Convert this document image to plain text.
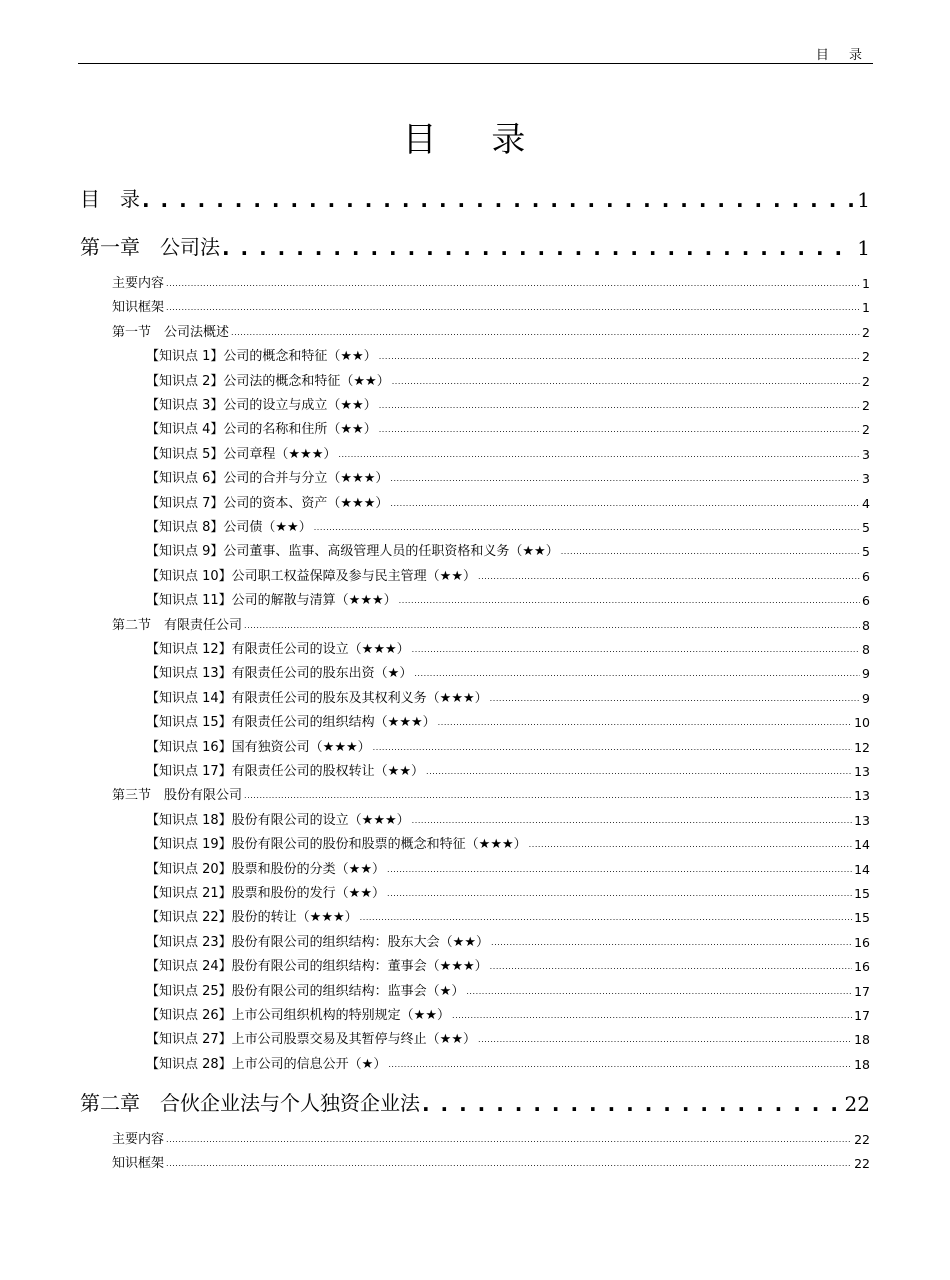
目 录
目 录
目　录 . . .	1
第一章　公司法 . . .	1
主要内容 . . .	1
知识框架 . . .	1
第一节　公司法概述 . . .	2
【知识点 1】公司的概念和特征（★★） . . .	2
【知识点 2】公司法的概念和特征（★★） . . .	2
【知识点 3】公司的设立与成立（★★） . . .	2
【知识点 4】公司的名称和住所（★★） . . .	2
【知识点 5】公司章程（★★★） . . .	3
【知识点 6】公司的合并与分立（★★★） . . .	3
【知识点 7】公司的资本、资产（★★★） . . .	4
【知识点 8】公司债（★★） . . .	5
【知识点 9】公司董事、监事、高级管理人员的任职资格和义务（★★） . . .	5
【知识点 10】公司职工权益保障及参与民主管理（★★） . . .	6
【知识点 11】公司的解散与清算（★★★） . . .	6
第二节　有限责任公司 . . .	8
【知识点 12】有限责任公司的设立（★★★） . . .	8
【知识点 13】有限责任公司的股东出资（★） . . .	9
【知识点 14】有限责任公司的股东及其权利义务（★★★） . . .	9
【知识点 15】有限责任公司的组织结构（★★★） . . .	10
【知识点 16】国有独资公司（★★★） . . .	12
【知识点 17】有限责任公司的股权转让（★★） . . .	13
第三节　股份有限公司 . . .	13
【知识点 18】股份有限公司的设立（★★★） . . .	13
【知识点 19】股份有限公司的股份和股票的概念和特征（★★★） . . .	14
【知识点 20】股票和股份的分类（★★） . . .	14
【知识点 21】股票和股份的发行（★★） . . .	15
【知识点 22】股份的转让（★★★） . . .	15
【知识点 23】股份有限公司的组织结构：股东大会（★★） . . .	16
【知识点 24】股份有限公司的组织结构：董事会（★★★） . . .	16
【知识点 25】股份有限公司的组织结构：监事会（★） . . .	17
【知识点 26】上市公司组织机构的特别规定（★★） . . .	17
【知识点 27】上市公司股票交易及其暂停与终止（★★） . . .	18
【知识点 28】上市公司的信息公开（★） . . .	18
第二章　合伙企业法与个人独资企业法 . . .	22
主要内容 . . .	22
知识框架 . . .	22
